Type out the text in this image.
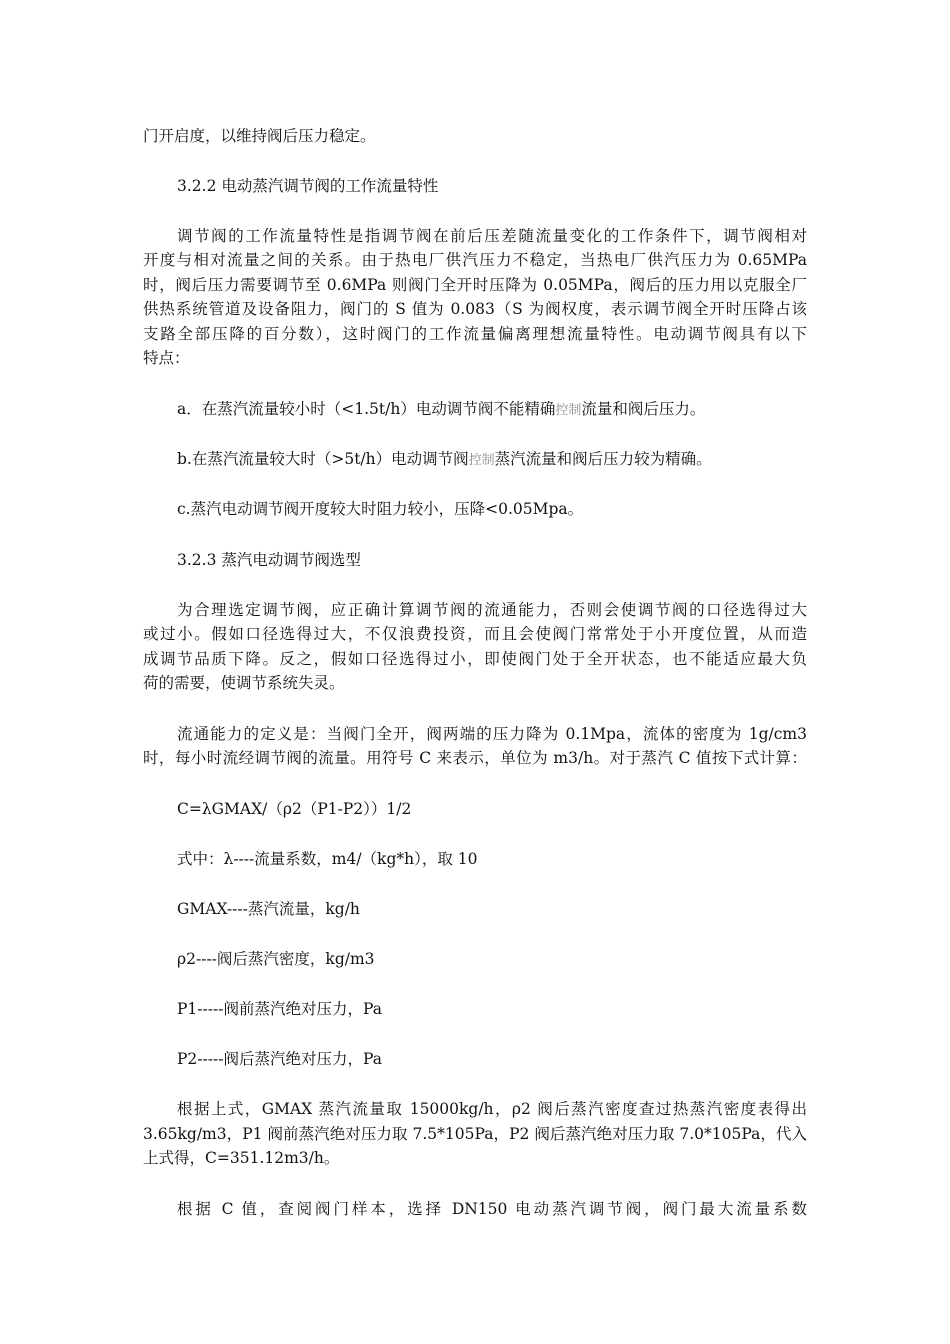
门开启度，以维持阀后压力稳定。
3.2.2 电动蒸汽调节阀的工作流量特性
调节阀的工作流量特性是指调节阀在前后压差随流量变化的工作条件下，调节阀相对
开度与相对流量之间的关系。由于热电厂供汽压力不稳定，当热电厂供汽压力为 0.65MPa
时，阀后压力需要调节至 0.6MPa 则阀门全开时压降为 0.05MPa，阀后的压力用以克服全厂
供热系统管道及设备阻力，阀门的 S 值为 0.083（S 为阀权度，表示调节阀全开时压降占该
支路全部压降的百分数），这时阀门的工作流量偏离理想流量特性。电动调节阀具有以下
特点：
a．在蒸汽流量较小时（<1.5t/h）电动调节阀不能精确控制流量和阀后压力。
b.在蒸汽流量较大时（>5t/h）电动调节阀控制蒸汽流量和阀后压力较为精确。
c.蒸汽电动调节阀开度较大时阻力较小，压降<0.05Mpa。
3.2.3 蒸汽电动调节阀选型
为合理选定调节阀，应正确计算调节阀的流通能力，否则会使调节阀的口径选得过大
或过小。假如口径选得过大，不仅浪费投资，而且会使阀门常常处于小开度位置，从而造
成调节品质下降。反之，假如口径选得过小，即使阀门处于全开状态，也不能适应最大负
荷的需要，使调节系统失灵。
流通能力的定义是：当阀门全开，阀两端的压力降为 0.1Mpa，流体的密度为 1g/cm3
时，每小时流经调节阀的流量。用符号 C 来表示，单位为 m3/h。对于蒸汽 C 值按下式计算：
C=λGMAX/（ρ2（P1-P2））1/2
式中：λ----流量系数，m4/（kg*h），取 10
GMAX----蒸汽流量，kg/h
ρ2----阀后蒸汽密度，kg/m3
P1-----阀前蒸汽绝对压力，Pa
P2-----阀后蒸汽绝对压力，Pa
根据上式，GMAX 蒸汽流量取 15000kg/h，ρ2 阀后蒸汽密度查过热蒸汽密度表得出
3.65kg/m3，P1 阀前蒸汽绝对压力取 7.5*105Pa，P2 阀后蒸汽绝对压力取 7.0*105Pa，代入
上式得，C=351.12m3/h。
根据 C 值，查阅阀门样本，选择 DN150 电动蒸汽调节阀，阀门最大流量系数
